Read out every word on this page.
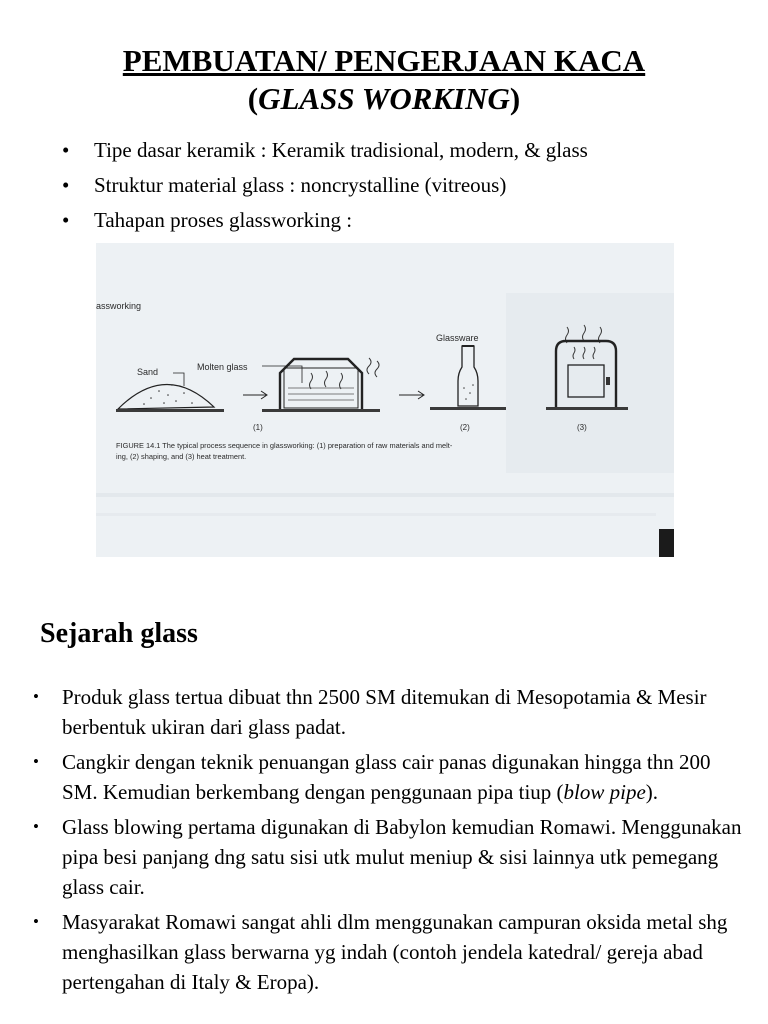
PEMBUATAN/ PENGERJAAN KACA
(GLASS WORKING)
• Tipe dasar keramik : Keramik tradisional, modern, & glass
• Struktur material glass : noncrystalline (vitreous)
• Tahapan proses glassworking :
asswork​ing
Sand	Molten glass
(1)
Glassware
(2)	(3)
FIGURE 14.1 The typical process sequence in glassworking: (1) preparation of raw materials and melt-
ing, (2) shaping, and (3) heat treatment.
Sejarah glass
• Produk glass tertua dibuat thn 2500 SM ditemukan di Mesopotamia & Mesir berbentuk ukiran dari glass padat.
• Cangkir dengan teknik penuangan glass cair panas digunakan hingga thn 200 SM. Kemudian berkembang dengan penggunaan pipa tiup (blow pipe).
• Glass blowing pertama digunakan di Babylon kemudian Romawi. Menggunakan pipa besi panjang dng satu sisi utk mulut meniup & sisi lainnya utk pemegang glass cair.
• Masyarakat Romawi sangat ahli dlm menggunakan campuran oksida metal shg menghasilkan glass berwarna yg indah (contoh jendela katedral/ gereja abad pertengahan di Italy & Eropa).
